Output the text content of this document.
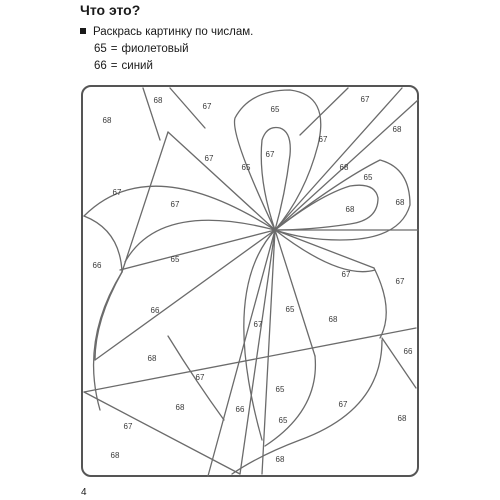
Что это?
Раскрась картинку по числам.
65 = фиолетовый
66 = синий
68
67	65
67
68
68
67
65
67
67
65
68
67
67	68
65
68
67
66
66	65
68
67
67
68
66
65
67
68	67
66
65
67
68
68	68
4
